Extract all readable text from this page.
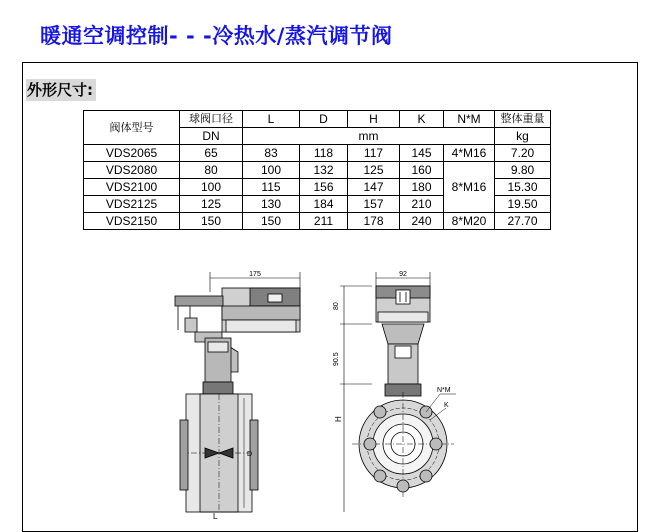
暖通空调控制- - -冷热水/蒸汽调节阀
外形尺寸:
阀体型号	球阀口径	L	D	H	K	N*M	整体重量
	DN	mm					kg
VDS2065	65	83	118	117	145	4*M16	7.20
VDS2080	80	100	132	125	160	8*M16	9.80
VDS2100	100	115	156	147	180		15.30
VDS2125	125	130	184	157	210		19.50
VDS2150	150	150	211	178	240	8*M20	27.70
175
D
L
92
80
90.5
H
N*M
K
